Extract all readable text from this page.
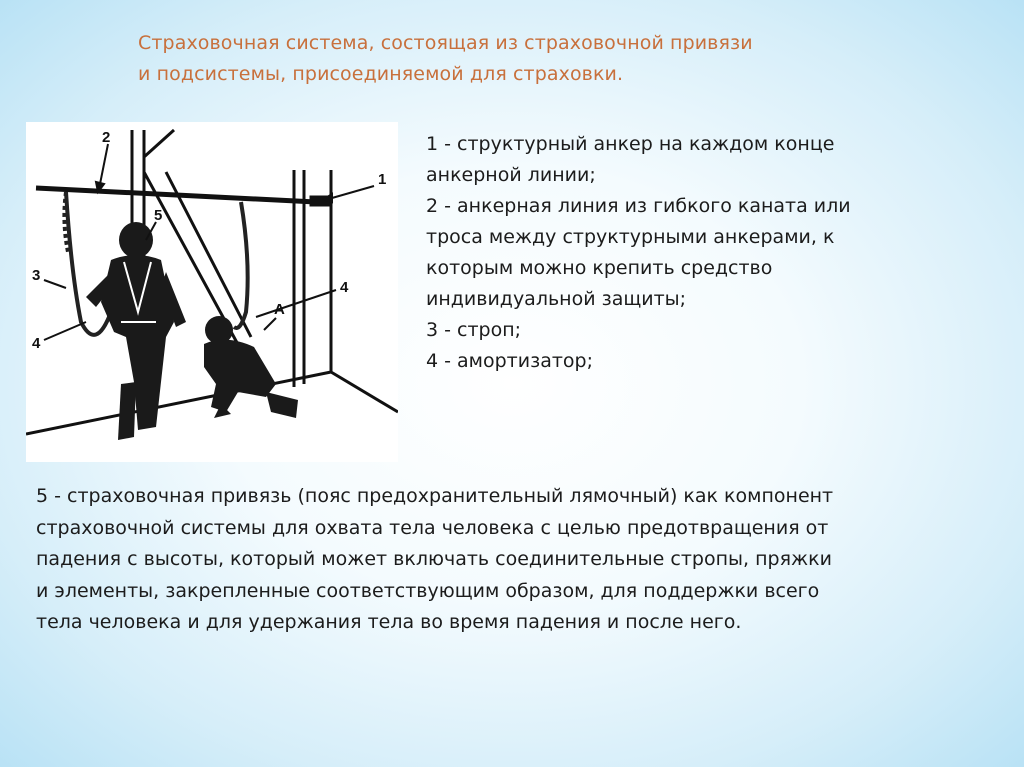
Страховочная система, состоящая из страховочной привязи
и подсистемы, присоединяемой для страховки.
2
1
5
3
4
4
A
1 - структурный анкер на каждом конце
анкерной линии;
2 - анкерная линия из гибкого каната или
троса между структурными анкерами, к
которым можно крепить средство
индивидуальной защиты;
3 - строп;
4 - амортизатор;
5 - страховочная привязь (пояс предохранительный лямочный) как компонент
страховочной системы для охвата тела человека с целью предотвращения от
падения с высоты, который может включать соединительные стропы, пряжки
и элементы, закрепленные соответствующим образом, для поддержки всего
тела человека и для удержания тела во время падения и после него.
